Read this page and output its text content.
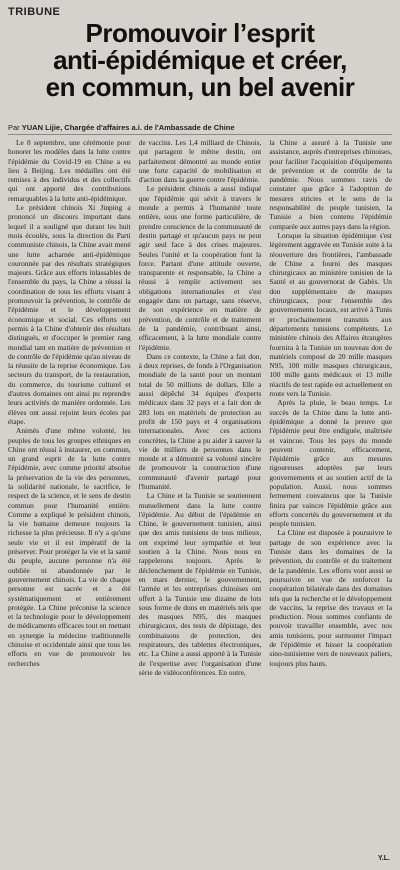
TRIBUNE
Promouvoir l’esprit
anti-épidémique et créer,
en commun, un bel avenir
Par YUAN Lijie, Chargée d'affaires a.i. de l'Ambassade de Chine

Le 8 septembre, une cérémonie pour honorer les modèles dans la lutte contre l'épidémie du Covid-19 en Chine a eu lieu à Beijing. Les médailles ont été remises à des individus et des collectifs qui ont apporté des contributions remarquables à la lutte anti-épidémique.

Le président chinois Xi Jinping a prononcé un discours important dans lequel il a souligné que durant les huit mois écoulés, sous la direction du Parti communiste chinois, la Chine avait mené une lutte acharnée anti-épidémique couronnée par des résultats stratégiques majeurs. Grâce aux efforts inlassables de l'ensemble du pays, la Chine a réussi la coordination de tous les efforts visant à promouvoir la prévention, le contrôle de l'épidémie et le développement économique et social. Ces efforts ont permis à la Chine d'obtenir des résultats distingués, et d'occuper le premier rang mondial tant en matière de prévention et de contrôle de l'épidémie qu'au niveau de la réussite de la reprise économique. Les secteurs du transport, de la restauration, du commerce, du tourisme culturel et d'autres domaines ont ainsi pu reprendre leurs activités de manière ordonnée. Les élèves ont aussi rejoint leurs écoles par étape.

Animés d'une même volonté, les peuples de tous les groupes ethniques en Chine ont réussi à instaurer, en commun, un grand esprit de la lutte contre l'épidémie, avec comme priorité absolue la préservation de la vie des personnes, la solidarité nationale, le sacrifice, le respect de la science, et le sens de destin commun pour l'humanité entière. Comme a expliqué le président chinois, la vie humaine demeure toujours la richesse la plus précieuse. Il n'y a qu'une seule vie et il est impératif de la préserver. Pour protéger la vie et la santé du peuple, aucune personne n'a été oubliée ni abandonnée par le gouvernement chinois. La vie de chaque personne est sacrée et a été systématiquement et entièrement protégée. La Chine préconise la science et la technologie pour le développement de médicaments efficaces tout en mettant en synergie la médecine traditionnelle chinoise et occidentale ainsi que tous les efforts en vue de promouvoir les recherches

de vaccins. Les 1,4 milliard de Chinois, qui partagent le même destin, ont parfaitement démontré au monde entier une forte capacité de mobilisation et d'action dans la guerre contre l'épidémie.

Le président chinois a aussi indiqué que l'épidémie qui sévit à travers le monde a permis à l'humanité toute entière, sous une forme particulière, de prendre conscience de la communauté de destin partagé et qu'aucun pays ne peut agir seul face à des crises majeures. Seules l'unité et la coopération font la force. Partant d'une attitude ouverte, transparente et responsable, la Chine a réussi à remplir activement ses obligations internationales et s'est engagée dans un partage, sans réserve, de son expérience en matière de prévention, de contrôle et de traitement de la pandémie, contribuant ainsi, efficacement, à la lutte mondiale contre l'épidémie.

Dans ce contexte, la Chine a fait don, à deux reprises, de fonds à l'Organisation mondiale de la santé pour un montant total de 50 millions de dollars. Elle a aussi dépêché 34 équipes d'experts médicaux dans 32 pays et a fait don de 283 lots en matériels de protection au profit de 150 pays et 4 organisations internationales. Avec ces actions concrètes, la Chine a pu aider à sauver la vie de milliers de personnes dans le monde et a démontré sa volonté sincère de promouvoir la construction d'une communauté d'avenir partagé pour l'humanité.

La Chine et la Tunisie se soutiennent mutuellement dans la lutte contre l'épidémie. Au début de l'épidémie en Chine, le gouvernement tunisien, ainsi que des amis tunisiens de tous milieux, ont exprimé leur sympathie et leur soutien à la Chine. Nous nous en rappelerons toujours. Après le déclenchement de l'épidémie en Tunisie, en mars dernier, le gouvernement, l'armée et les entreprises chinoises ont offert à la Tunisie une dizaine de lots sous forme de dons en matériels tels que des masques N95, des masques chirurgicaux, des tests de dépistage, des combinaisons de protection, des respirateurs, des tablettes électroniques, etc. La Chine a aussi apporté à la Tunisie de l'expertise avec l'organisation d'une série de vidéoconférences. En outre,

la Chine a assuré à la Tunisie une assistance, auprès d'entreprises chinoises, pour faciliter l'acquisition d'équipements de prévention et de contrôle de la pandémie. Nous sommes ravis de constater que grâce à l'adoption de mesures strictes et le sens de la responsabilité du peuple tunisien, la Tunisie a bien contenu l'épidémie comparée aux autres pays dans la région.

Lorsque la situation épidémique s'est légèrement aggravée en Tunisie suite à la réouverture des frontières, l'ambassade de Chine a fourni des masques chirurgicaux au ministère tunisien de la Santé et au gouvernorat de Gabès. Un don supplémentaire de masques chirurgicaux, pour l'ensemble des gouvernements locaux, est arrivé à Tunis et prochainement transmis aux départements tunisiens compétents. Le ministère chinois des Affaires étrangères fournira à la Tunisie un nouveau don de matériels composé de 20 mille masques N95, 100 mille masques chirurgicaux, 100 mille gants médicaux et 13 mille réactifs de test rapide est actuellement en route vers la Tunisie.

Après la pluie, le beau temps. Le succès de la Chine dans la lutte anti-épidémique a donné la preuve que l'épidémie peut être endiguée, maîtrisée et vaincue. Tous les pays du monde peuvent contenir, efficacement, l'épidémie grâce aux mesures rigoureuses adoptées par leurs gouvernements et au soutien actif de la population. Aussi, nous sommes fermement convaincus que la Tunisie finira par vaincre l'épidémie grâce aux efforts concertés du gouvernement et du peuple tunisien.

La Chine est disposée à poursuivre le partage de son expérience avec la Tunisie dans les domaines de la prévention, du contrôle et du traitement de la pandémie. Les efforts vont aussi se poursuivre en vue de renforcer la coopération bilatérale dans des domaines tels que la recherche et le développement de vaccins, la reprise des travaux et la production. Nous sommes confiants de pouvoir travailler ensemble, avec nos amis tunisiens, pour surmonter l'impact de l'épidémie et hisser la coopération sino-tunisienne vers de nouveaux paliers, toujours plus hauts.

Y.L.
